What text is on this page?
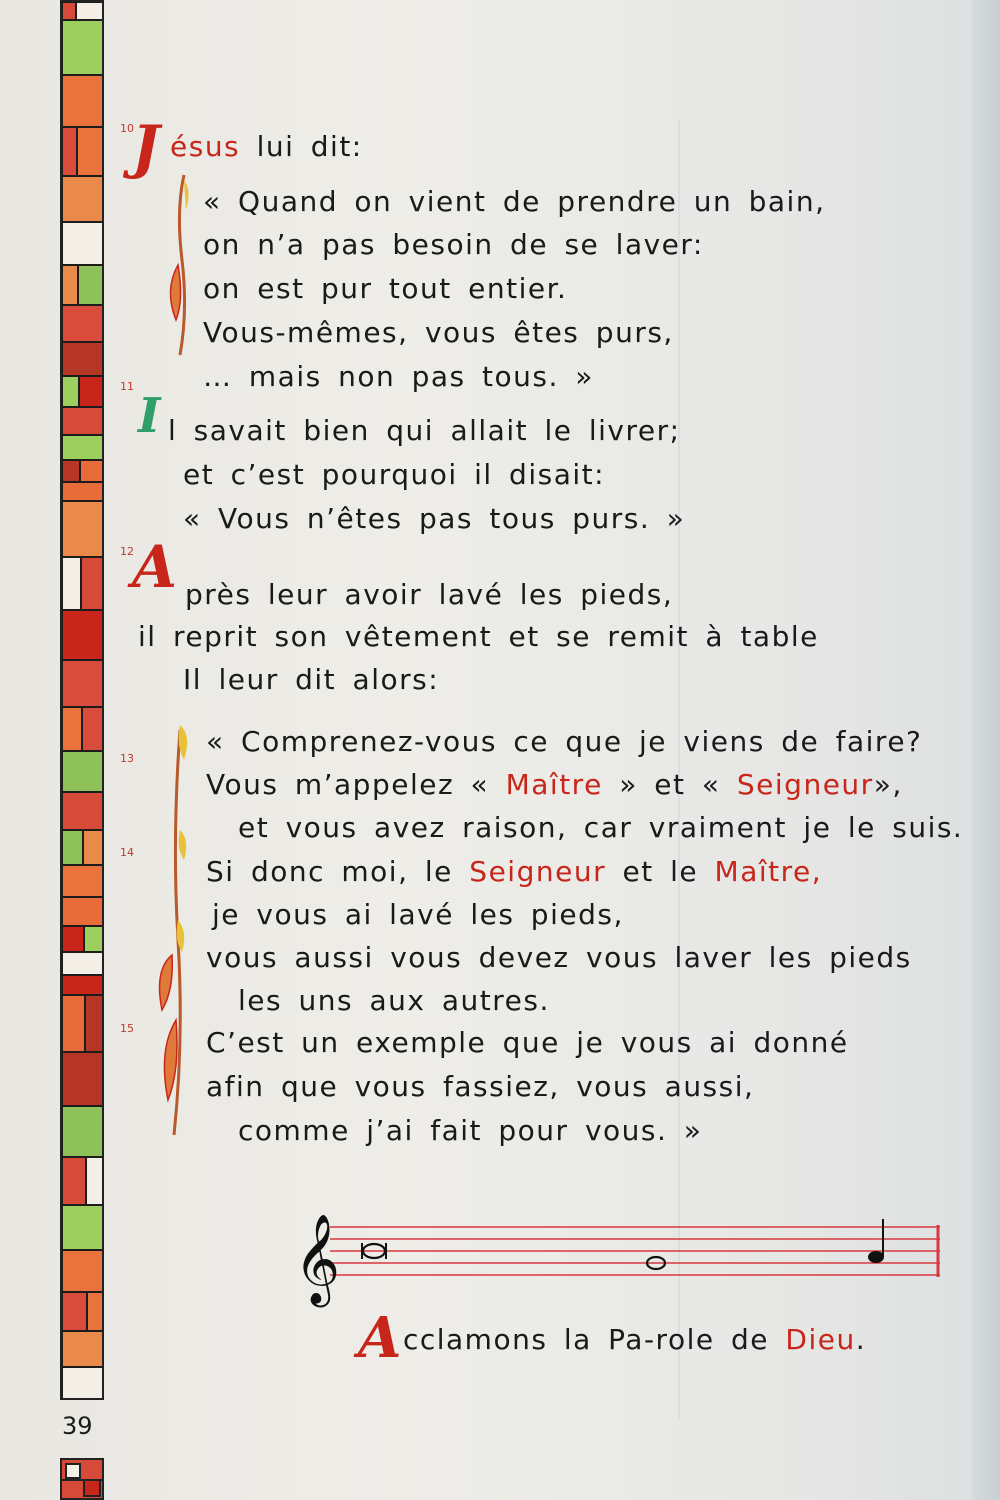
39
10
J ésus lui dit:
« Quand on vient de prendre un bain,
on n’a pas besoin de se laver:
on est pur tout entier.
Vous-mêmes, vous êtes purs,
… mais non pas tous. »
11
I l savait bien qui allait le livrer;
et c’est pourquoi il disait:
« Vous n’êtes pas tous purs. »
12
A près leur avoir lavé les pieds,
il reprit son vêtement et se remit à table
Il leur dit alors:
13
« Comprenez-vous ce que je viens de faire?
Vous m’appelez « Maître » et « Seigneur»,
et vous avez raison, car vraiment je le suis.
14
Si donc moi, le Seigneur et le Maître,
je vous ai lavé les pieds,
vous aussi vous devez vous laver les pieds
les uns aux autres.
15	C’est un exemple que je vous ai donné
afin que vous fassiez, vous aussi,
comme j’ai fait pour vous. »
𝄞
Acclamons la Pa-role de Dieu.
